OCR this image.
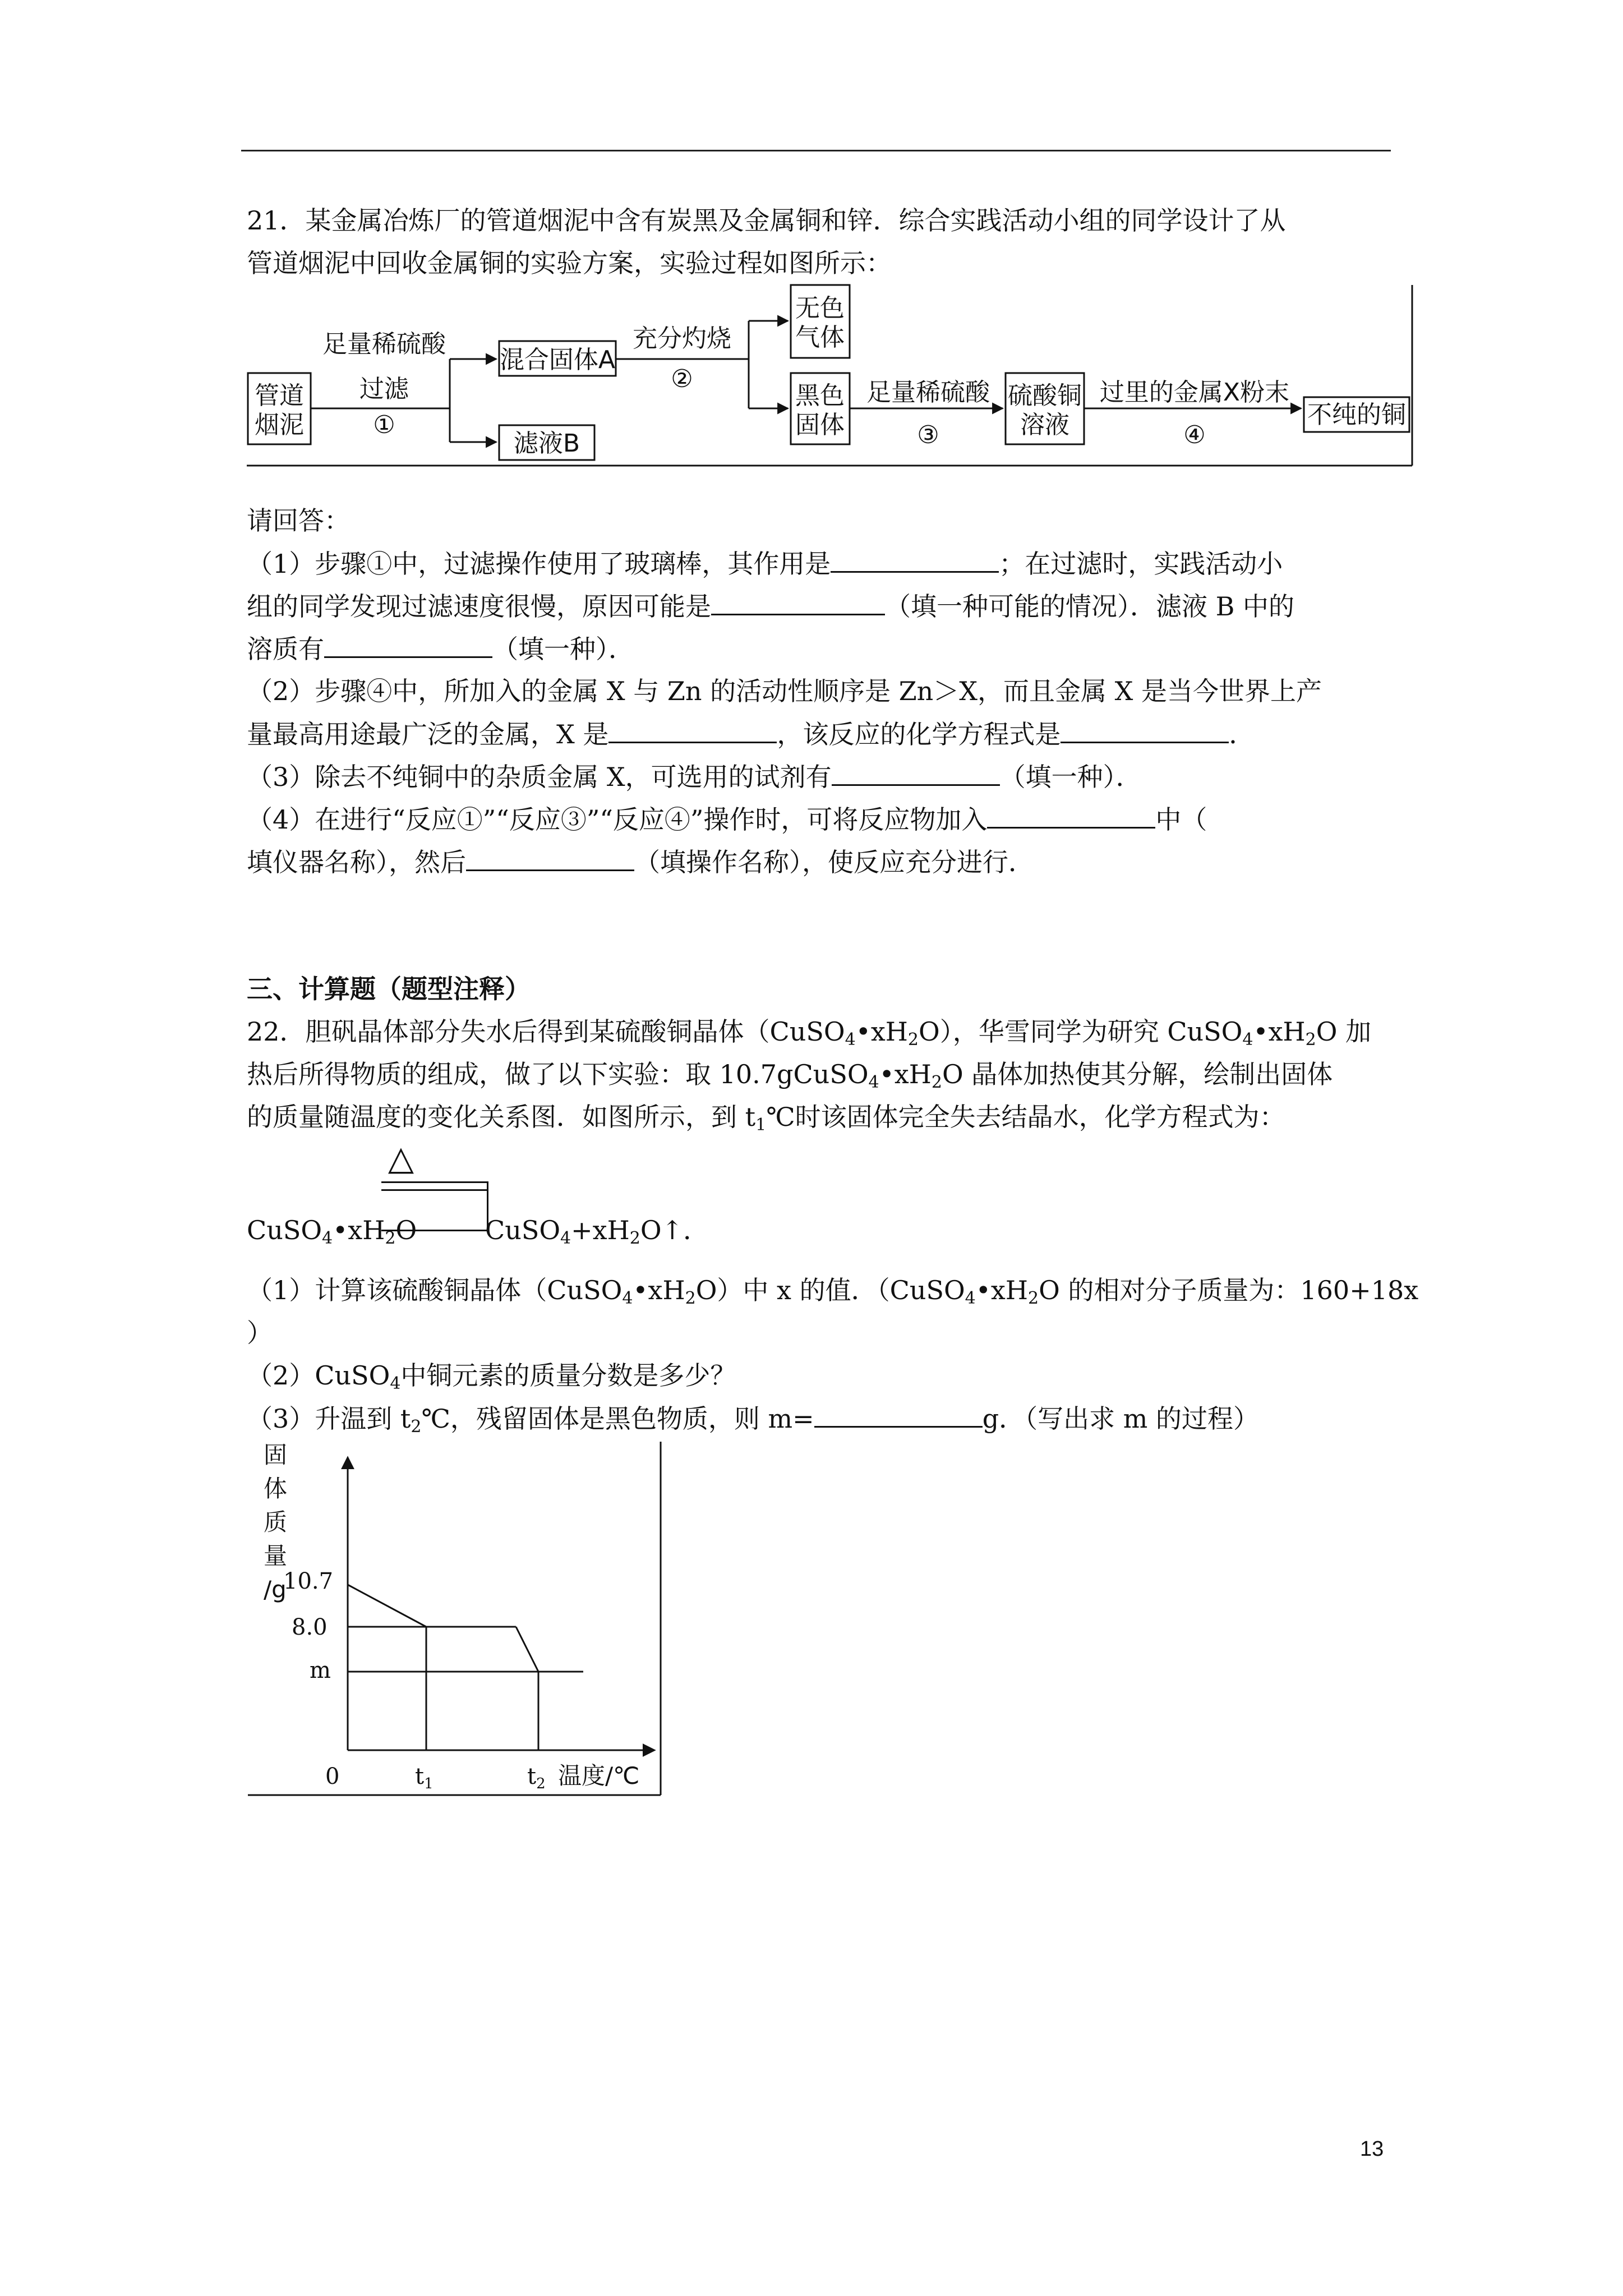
21．某金属冶炼厂的管道烟泥中含有炭黑及金属铜和锌．综合实践活动小组的同学设计了从
管道烟泥中回收金属铜的实验方案，实验过程如图所示：
管道
烟泥
足量稀硫酸
过滤
①
混合固体A
滤液B
充分灼烧
②
无色
气体
黑色
固体
足量稀硫酸
③
硫酸铜
溶液
过里的金属X粉末
④
不纯的铜
请回答：
（1）步骤①中，过滤操作使用了玻璃棒，其作用是	；在过滤时，实践活动小
组的同学发现过滤速度很慢，原因可能是	（填一种可能的情况）．滤液 B 中的
溶质有	（填一种）．
（2）步骤④中，所加入的金属 X 与 Zn 的活动性顺序是 Zn＞X，而且金属 X 是当今世界上产
量最高用途最广泛的金属，X 是	，该反应的化学方程式是	．
（3）除去不纯铜中的杂质金属 X，可选用的试剂有	（填一种）．
（4）在进行“反应①”“反应③”“反应④”操作时，可将反应物加入	中（
填仪器名称），然后	（填操作名称），使反应充分进行．
三、计算题（题型注释）
22．胆矾晶体部分失水后得到某硫酸铜晶体$(CuSO_4•xH_2O)$，华雪同学为研究 $CuSO_4•xH_2O$ 加
热后所得物质的组成，做了以下实验：取 $10.7gCuSO_4•xH_2O$ 晶体加热使其分解，绘制出固体
的质量随温度的变化关系图．如图所示，到 $t_1℃$时该固体完全失去结晶水，化学方程式为：
△
$CuSO_4•xH_2O$	$CuSO_4+xH_2O↑$．
（1）计算该硫酸铜晶体$(CuSO_4•xH_2O)$中 x 的值．（$CuSO_4•xH_2O$ 的相对分子质量为：160+18x
）
（2）CuSO$_4$中铜元素的质量分数是多少？
（3）升温到 $t_2℃$，残留固体是黑色物质，则 m=	g．（写出求 m 的过程）
固
体
质
量
/g
10.7
8.0
m
0	$t_1$	$t_2$ 温度/℃
13
